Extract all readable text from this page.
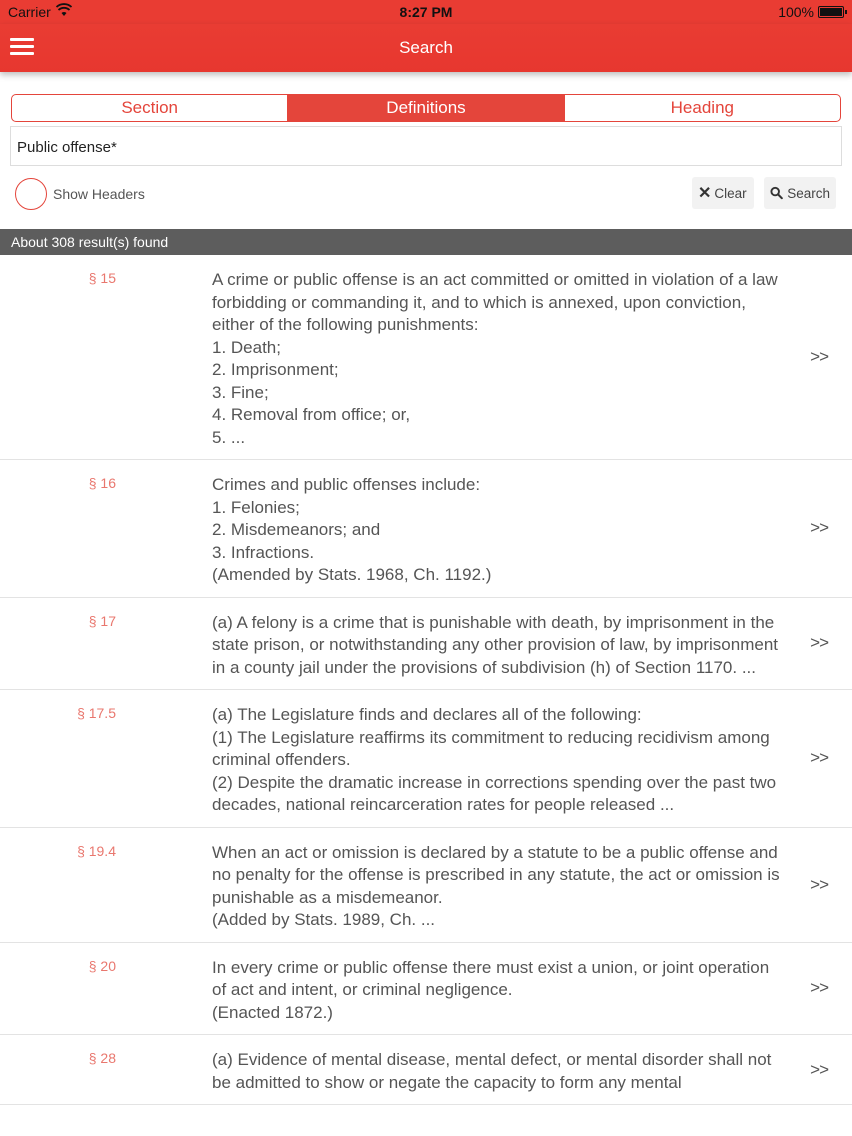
Carrier	8:27 PM	100%
Search
Section	Definitions	Heading
Public offense*
Show Headers	✕ Clear	Search
About 308 result(s) found
§ 15	A crime or public offense is an act committed or omitted in violation of a law forbidding or commanding it, and to which is annexed, upon conviction, either of the following punishments:
1. Death;
2. Imprisonment;
3. Fine;
4. Removal from office; or,
5. ...
>>
§ 16	Crimes and public offenses include:
1. Felonies;
2. Misdemeanors; and
3. Infractions.
(Amended by Stats. 1968, Ch. 1192.)
>>
§ 17	(a) A felony is a crime that is punishable with death, by imprisonment in the state prison, or notwithstanding any other provision of law, by imprisonment in a county jail under the provisions of subdivision (h) of Section 1170. ...
>>
§ 17.5	(a) The Legislature finds and declares all of the following:
(1) The Legislature reaffirms its commitment to reducing recidivism among criminal offenders.
(2) Despite the dramatic increase in corrections spending over the past two decades, national reincarceration rates for people released ...
>>
§ 19.4	When an act or omission is declared by a statute to be a public offense and no penalty for the offense is prescribed in any statute, the act or omission is punishable as a misdemeanor.
(Added by Stats. 1989, Ch. ...
>>
§ 20	In every crime or public offense there must exist a union, or joint operation of act and intent, or criminal negligence.
(Enacted 1872.)
>>
§ 28	(a) Evidence of mental disease, mental defect, or mental disorder shall not be admitted to show or negate the capacity to form any mental
>>
